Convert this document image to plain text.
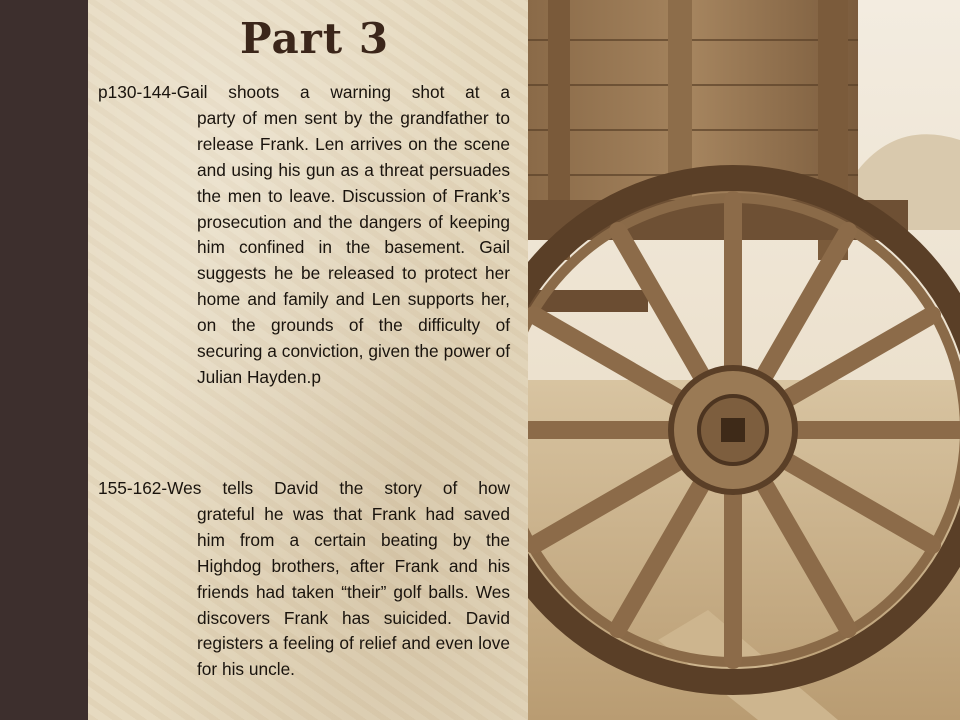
Part 3
p130-144-Gail shoots a warning shot at a
party of men sent by the grandfather to release Frank. Len arrives on the scene and using his gun as a threat persuades the men to leave. Discussion of Frank’s prosecution and the dangers of keeping him confined in the basement. Gail suggests he be released to protect her home and family and Len supports her, on the grounds of the difficulty of securing a conviction, given the power of Julian Hayden.p
155-162-Wes tells David the story of how
grateful he was that Frank had saved him from a certain beating by the Highdog brothers, after Frank and his friends had taken “their” golf balls. Wes discovers Frank has suicided. David registers a feeling of relief and even love for his uncle.
